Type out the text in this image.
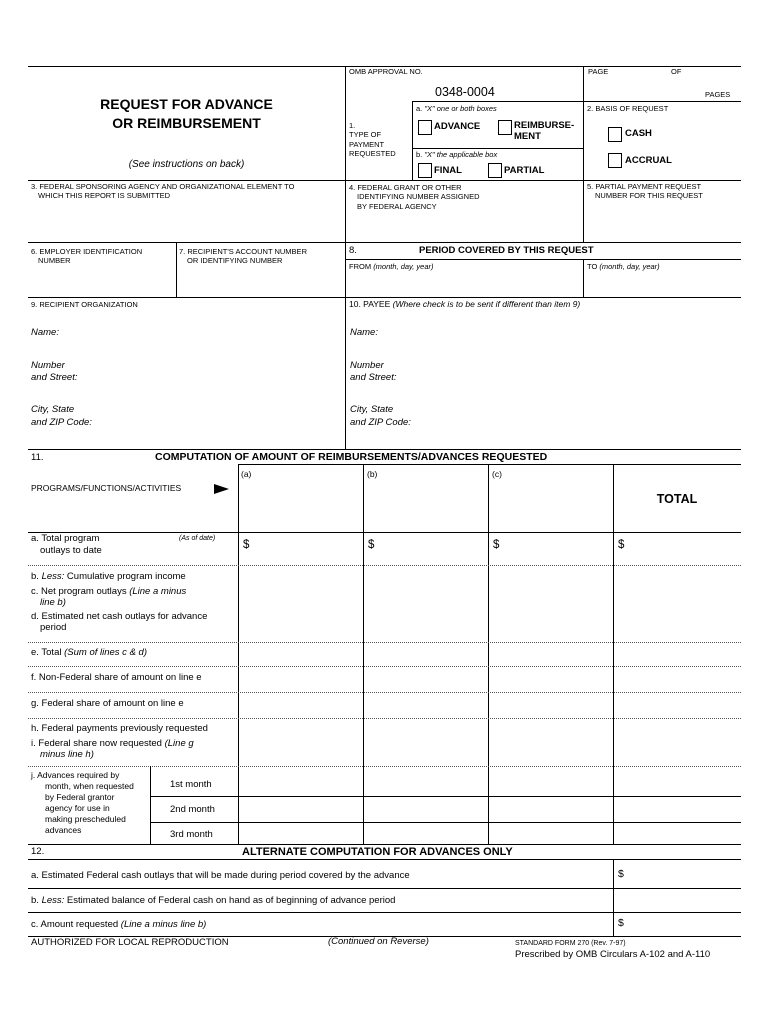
OMB APPROVAL NO.	PAGE	OF
0348-0004	PAGES
REQUEST FOR ADVANCE
OR REIMBURSEMENT
(See instructions on back)
1.
TYPE OF
PAYMENT
REQUESTED
a. "X" one or both boxes
ADVANCE	REIMBURSE-
MENT
b. "X" the applicable box
FINAL	PARTIAL
2. BASIS OF REQUEST
CASH
ACCRUAL
3. FEDERAL SPONSORING AGENCY AND ORGANIZATIONAL ELEMENT TO
WHICH THIS REPORT IS SUBMITTED
4. FEDERAL GRANT OR OTHER
IDENTIFYING NUMBER ASSIGNED
BY FEDERAL AGENCY
5. PARTIAL PAYMENT REQUEST
NUMBER FOR THIS REQUEST
6. EMPLOYER IDENTIFICATION
NUMBER
7. RECIPIENT'S ACCOUNT NUMBER
OR IDENTIFYING NUMBER
8.	PERIOD COVERED BY THIS REQUEST
FROM (month, day, year)	TO (month, day, year)
9. RECIPIENT ORGANIZATION
Name:
Number
and Street:
City, State
and ZIP Code:
10. PAYEE (Where check is to be sent if different than item 9)
Name:
Number
and Street:
City, State
and ZIP Code:
11.	COMPUTATION OF AMOUNT OF REIMBURSEMENTS/ADVANCES REQUESTED
PROGRAMS/FUNCTIONS/ACTIVITIES
(a)	(b)	(c)
TOTAL
a. Total program
outlays to date
(As of date)
$	$	$	$
b. Less: Cumulative program income
c. Net program outlays (Line a minus
line b)
d. Estimated net cash outlays for advance
period
e. Total (Sum of lines c & d)
f. Non-Federal share of amount on line e
g. Federal share of amount on line e
h. Federal payments previously requested
i. Federal share now requested (Line g
minus line h)
j. Advances required by
month, when requested
by Federal grantor
agency for use in
making prescheduled
advances
1st month
2nd month
3rd month
12.	ALTERNATE COMPUTATION FOR ADVANCES ONLY
a. Estimated Federal cash outlays that will be made during period covered by the advance	$
b. Less: Estimated balance of Federal cash on hand as of beginning of advance period
c. Amount requested (Line a minus line b)	$
AUTHORIZED FOR LOCAL REPRODUCTION	(Continued on Reverse)	STANDARD FORM 270 (Rev. 7-97)
Prescribed by OMB Circulars A-102 and A-110
